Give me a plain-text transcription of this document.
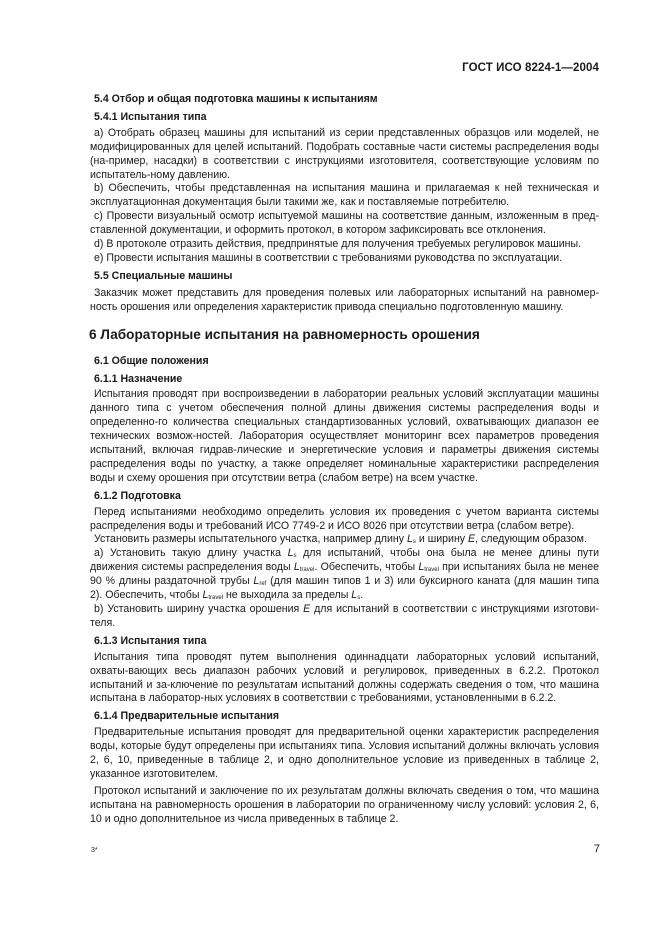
ГОСТ ИСО 8224-1—2004

5.4 Отбор и общая подготовка машины к испытаниям

5.4.1 Испытания типа

а) Отобрать образец машины для испытаний из серии представленных образцов или моделей, не модифицированных для целей испытаний. Подобрать составные части системы распределения воды (на-пример, насадки) в соответствии с инструкциями изготовителя, соответствующие условиям по испытатель-ному давлению.

b) Обеспечить, чтобы представленная на испытания машина и прилагаемая к ней техническая и эксплуатационная документация были такими же, как и поставляемые потребителю.

с) Провести визуальный осмотр испытуемой машины на соответствие данным, изложенным в пред-ставленной документации, и оформить протокол, в котором зафиксировать все отклонения.

d) В протоколе отразить действия, предпринятые для получения требуемых регулировок машины.

е) Провести испытания машины в соответствии с требованиями руководства по эксплуатации.

5.5 Специальные машины

Заказчик может представить для проведения полевых или лабораторных испытаний на равномер-ность орошения или определения характеристик привода специально подготовленную машину.

6 Лабораторные испытания на равномерность орошения

6.1 Общие положения

6.1.1 Назначение

Испытания проводят при воспроизведении в лаборатории реальных условий эксплуатации машины данного типа с учетом обеспечения полной длины движения системы распределения воды и определенно-го количества специальных стандартизованных условий, охватывающих диапазон ее технических возмож-ностей. Лаборатория осуществляет мониторинг всех параметров проведения испытаний, включая гидрав-лические и энергетические условия и параметры движения системы распределения воды по участку, а также определяет номинальные характеристики распределения воды и схему орошения при отсутствии ветра (слабом ветре) на всем участке.

6.1.2 Подготовка

Перед испытаниями необходимо определить условия их проведения с учетом варианта системы распределения воды и требований ИСО 7749-2 и ИСО 8026 при отсутствии ветра (слабом ветре).

Установить размеры испытательного участка, например длину $L_s$ и ширину E, следующим образом.

а) Установить такую длину участка $L_s$ для испытаний, чтобы она была не менее длины пути движения системы распределения воды $L_{travel}$. Обеспечить, чтобы $L_{travel}$ при испытаниях была не менее 90 % длины раздаточной трубы $L_{ref}$ (для машин типов 1 и 3) или буксирного каната (для машин типа 2). Обеспечить, чтобы $L_{travel}$ не выходила за пределы $L_s$.

b) Установить ширину участка орошения E для испытаний в соответствии с инструкциями изготови-теля.

6.1.3 Испытания типа

Испытания типа проводят путем выполнения одиннадцати лабораторных условий испытаний, охваты-вающих весь диапазон рабочих условий и регулировок, приведенных в 6.2.2. Протокол испытаний и за-ключение по результатам испытаний должны содержать сведения о том, что машина испытана в лаборатор-ных условиях в соответствии с требованиями, установленными в 6.2.2.

6.1.4 Предварительные испытания

Предварительные испытания проводят для предварительной оценки характеристик распределения воды, которые будут определены при испытаниях типа. Условия испытаний должны включать условия 2, 6, 10, приведенные в таблице 2, и одно дополнительное условие из приведенных в таблице 2, указанное изготовителем.

Протокол испытаний и заключение по их результатам должны включать сведения о том, что машина испытана на равномерность орошения в лаборатории по ограниченному числу условий: условия 2, 6, 10 и одно дополнительное из числа приведенных в таблице 2.

3*	7
